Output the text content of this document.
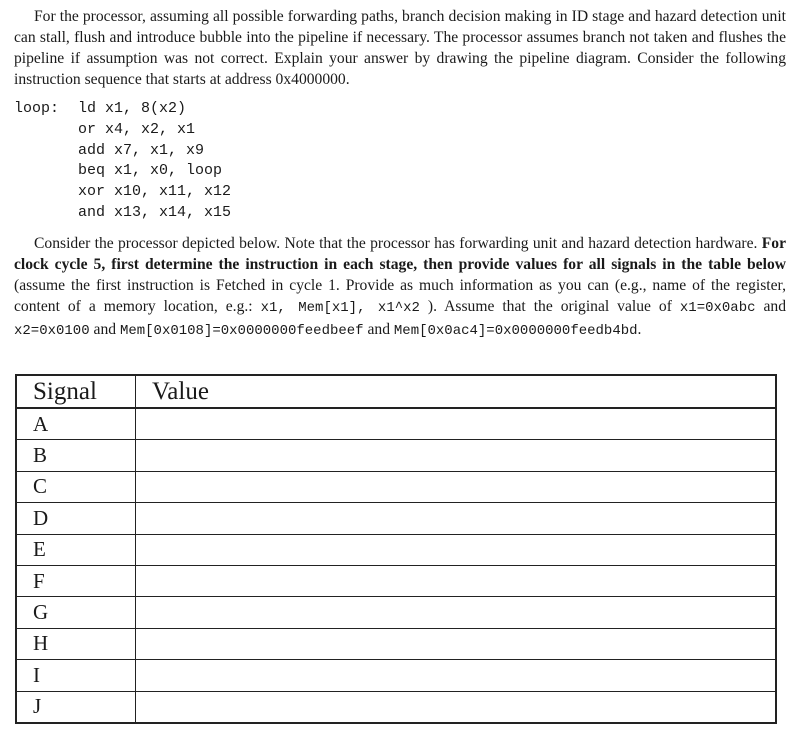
For the processor, assuming all possible forwarding paths, branch decision making in ID stage and hazard detection unit can stall, flush and introduce bubble into the pipeline if necessary. The processor assumes branch not taken and flushes the pipeline if assumption was not correct. Explain your answer by drawing the pipeline diagram. Consider the following instruction sequence that starts at address 0x4000000.

loop:	ld x1, 8(x2)
or x4, x2, x1
add x7, x1, x9
beq x1, x0, loop
xor x10, x11, x12
and x13, x14, x15

Consider the processor depicted below. Note that the processor has forwarding unit and hazard detection hardware. For clock cycle 5, first determine the instruction in each stage, then provide values for all signals in the table below (assume the first instruction is Fetched in cycle 1. Provide as much information as you can (e.g., name of the register, content of a memory location, e.g.: x1, Mem[x1], x1^x2 ). Assume that the original value of x1=0x0abc and x2=0x0100 and Mem[0x0108]=0x0000000feedbeef and Mem[0x0ac4]=0x0000000feedb4bd.

Signal	Value
A	
B	
C	
D	
E	
F	
G	
H	
I	
J	
